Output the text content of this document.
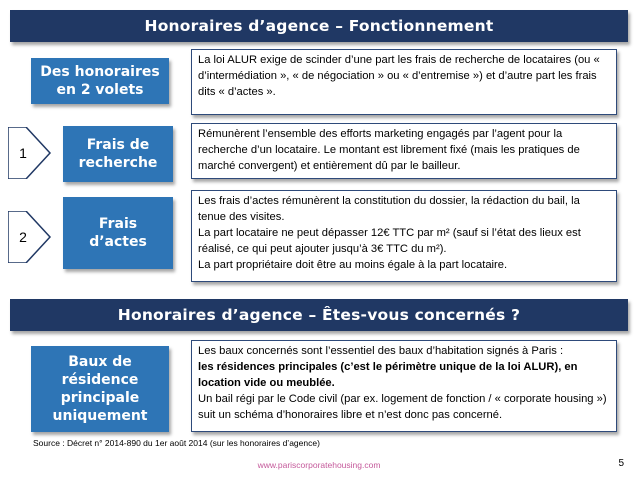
Honoraires d’agence – Fonctionnement
Des honoraires en 2 volets

La loi ALUR exige de scinder d’une part les frais de recherche de locataires (ou « d’intermédiation », « de négociation » ou « d’entremise ») et d’autre part les frais dits « d’actes ».

1	Frais de recherche

Rémunèrent l’ensemble des efforts marketing engagés par l’agent pour la recherche d’un locataire. Le montant est librement fixé (mais les pratiques de marché convergent) et entièrement dû par le bailleur.

2
Frais d’actes

Les frais d’actes rémunèrent la constitution du dossier, la rédaction du bail, la tenue des visites.

La part locataire ne peut dépasser 12€ TTC par m² (sauf si l’état des lieux est réalisé, ce qui peut ajouter jusqu’à 3€ TTC du m²).

La part propriétaire doit être au moins égale à la part locataire.

Honoraires d’agence – Êtes-vous concernés ?
Baux de résidence principale uniquement

Les baux concernés sont l’essentiel des baux d’habitation signés à Paris :

les résidences principales (c’est le périmètre unique de la loi ALUR), en location vide ou meublée.

Un bail régi par le Code civil (par ex. logement de fonction / « corporate housing ») suit un schéma d’honoraires libre et n’est donc pas concerné.

Source : Décret n° 2014-890 du 1er août 2014 (sur les honoraires d’agence)
www.pariscorporatehousing.com	5
